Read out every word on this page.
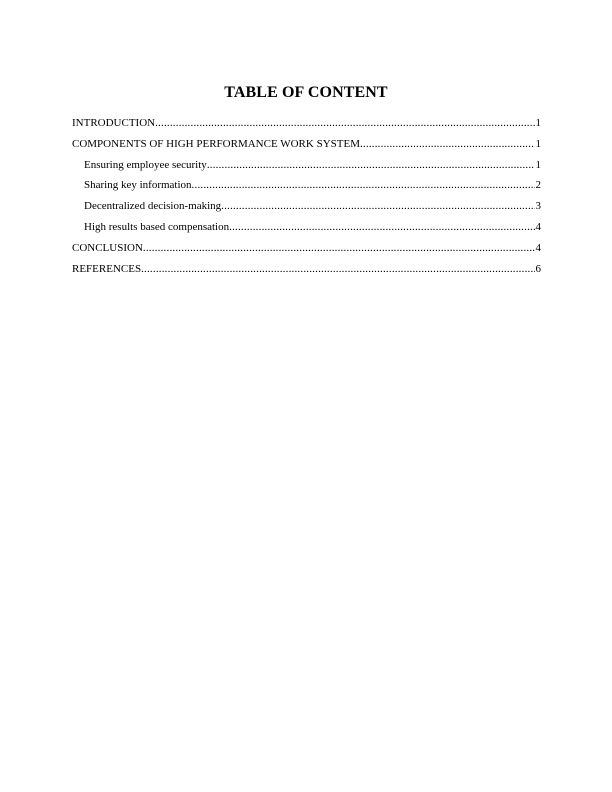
TABLE OF CONTENT
INTRODUCTION .....	1
COMPONENTS OF HIGH PERFORMANCE WORK SYSTEM .....	1
Ensuring employee security .....	1
Sharing key information .....	2
Decentralized decision-making .....	3
High results based compensation .....	4
CONCLUSION .....	4
REFERENCES .....	6
